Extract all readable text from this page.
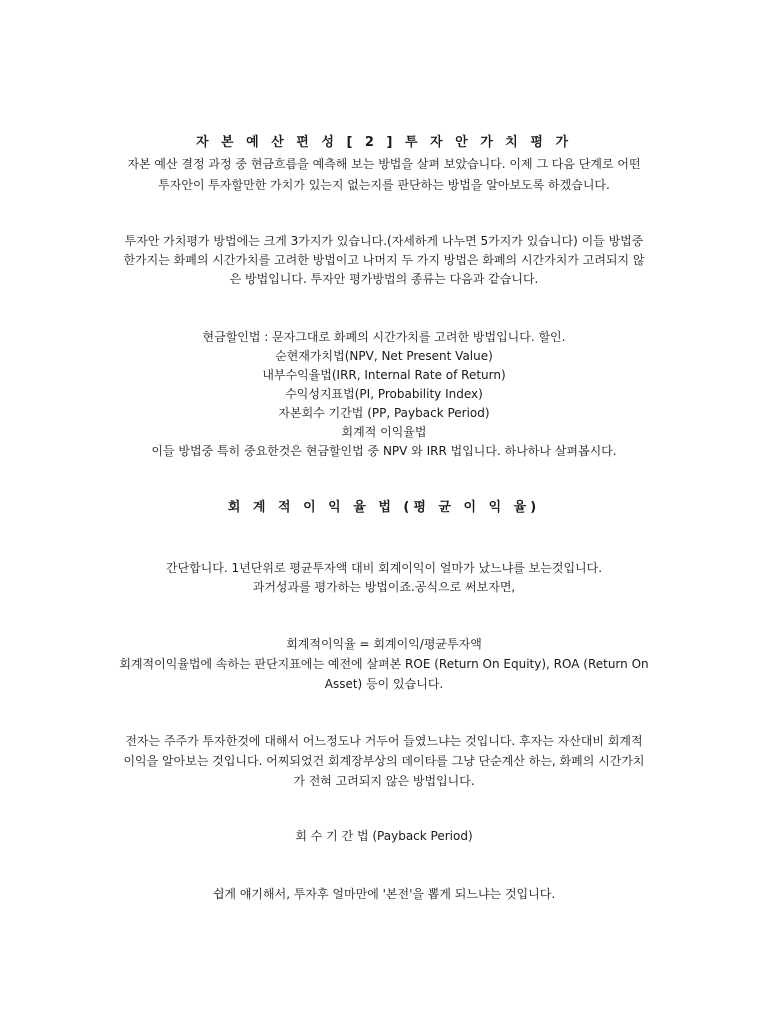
자 본 예 산 편 성 [ 2 ] 투 자 안 가 치 평 가
자본 예산 결정 과정 중 현금흐름을 예측해 보는 방법을 살펴 보았습니다. 이제 그 다음 단계로 어떤
투자안이 투자할만한 가치가 있는지 없는지를 판단하는 방법을 알아보도록 하겠습니다.
투자안 가치평가 방법에는 크게 3가지가 있습니다.(자세하게 나누면 5가지가 있습니다) 이들 방법중
한가지는 화폐의 시간가치를 고려한 방법이고 나머지 두 가지 방법은 화폐의 시간가치가 고려되지 않
은 방법입니다. 투자안 평가방법의 종류는 다음과 같습니다.
현금할인법 : 문자그대로 화폐의 시간가치를 고려한 방법입니다. 할인.
순현재가치법(NPV, Net Present Value)
내부수익율법(IRR, Internal Rate of Return)
수익성지표법(PI, Probability Index)
자본회수 기간법 (PP, Payback Period)
회계적 이익율법
이들 방법중 특히 중요한것은 현금할인법 중 NPV 와 IRR 법입니다. 하나하나 살펴봅시다.
회 계 적 이 익 율 법 (평 균 이 익 율)
간단합니다. 1년단위로 평균투자액 대비 회계이익이 얼마가 났느냐를 보는것입니다.
과거성과를 평가하는 방법이죠.공식으로 써보자면,
회계적이익율 = 회계이익/평균투자액
회계적이익율법에 속하는 판단지표에는 예전에 살펴본 ROE (Return On Equity), ROA (Return On
Asset) 등이 있습니다.
전자는 주주가 투자한것에 대해서 어느정도나 거두어 들였느냐는 것입니다. 후자는 자산대비 회계적
이익을 알아보는 것입니다. 어찌되었건 회계장부상의 데이타를 그냥 단순계산 하는, 화폐의 시간가치
가 전혀 고려되지 않은 방법입니다.
회 수 기 간 법 (Payback Period)
쉽게 얘기해서, 투자후 얼마만에 '본전'을 뽑게 되느냐는 것입니다.
